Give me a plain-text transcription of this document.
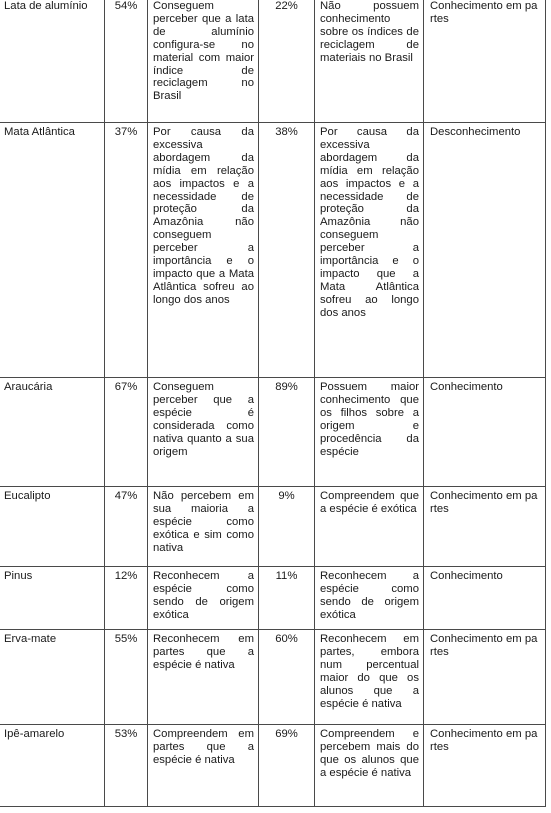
Lata de alumínio	54%	Conseguem perceber que a lata de alumínio configura-se no material com maior índice de reciclagem no Brasil	22%	Não possuem conhecimento sobre os índices de reciclagem de materiais no Brasil	Conhecimento em partes
Mata Atlântica	37%	Por causa da excessiva abordagem da mídia em relação aos impactos e a necessidade de proteção da Amazônia não conseguem perceber a importância e o impacto que a Mata Atlântica sofreu ao longo dos anos	38%	Por causa da excessiva abordagem da mídia em relação aos impactos e a necessidade de proteção da Amazônia não conseguem perceber a importância e o impacto que a Mata Atlântica sofreu ao longo dos anos	Desconhecimento
Araucária	67%	Conseguem perceber que a espécie é considerada como nativa quanto a sua origem	89%	Possuem maior conhecimento que os filhos sobre a origem e procedência da espécie	Conhecimento
Eucalipto	47%	Não percebem em sua maioria a espécie como exótica e sim como nativa	9%	Compreendem que a espécie é exótica	Conhecimento em partes
Pinus	12%	Reconhecem a espécie como sendo de origem exótica	11%	Reconhecem a espécie como sendo de origem exótica	Conhecimento
Erva-mate	55%	Reconhecem em partes que a espécie é nativa	60%	Reconhecem em partes, embora num percentual maior do que os alunos que a espécie é nativa	Conhecimento em partes
Ipê-amarelo	53%	Compreendem em partes que a espécie é nativa	69%	Compreendem e percebem mais do que os alunos que a espécie é nativa	Conhecimento em partes
